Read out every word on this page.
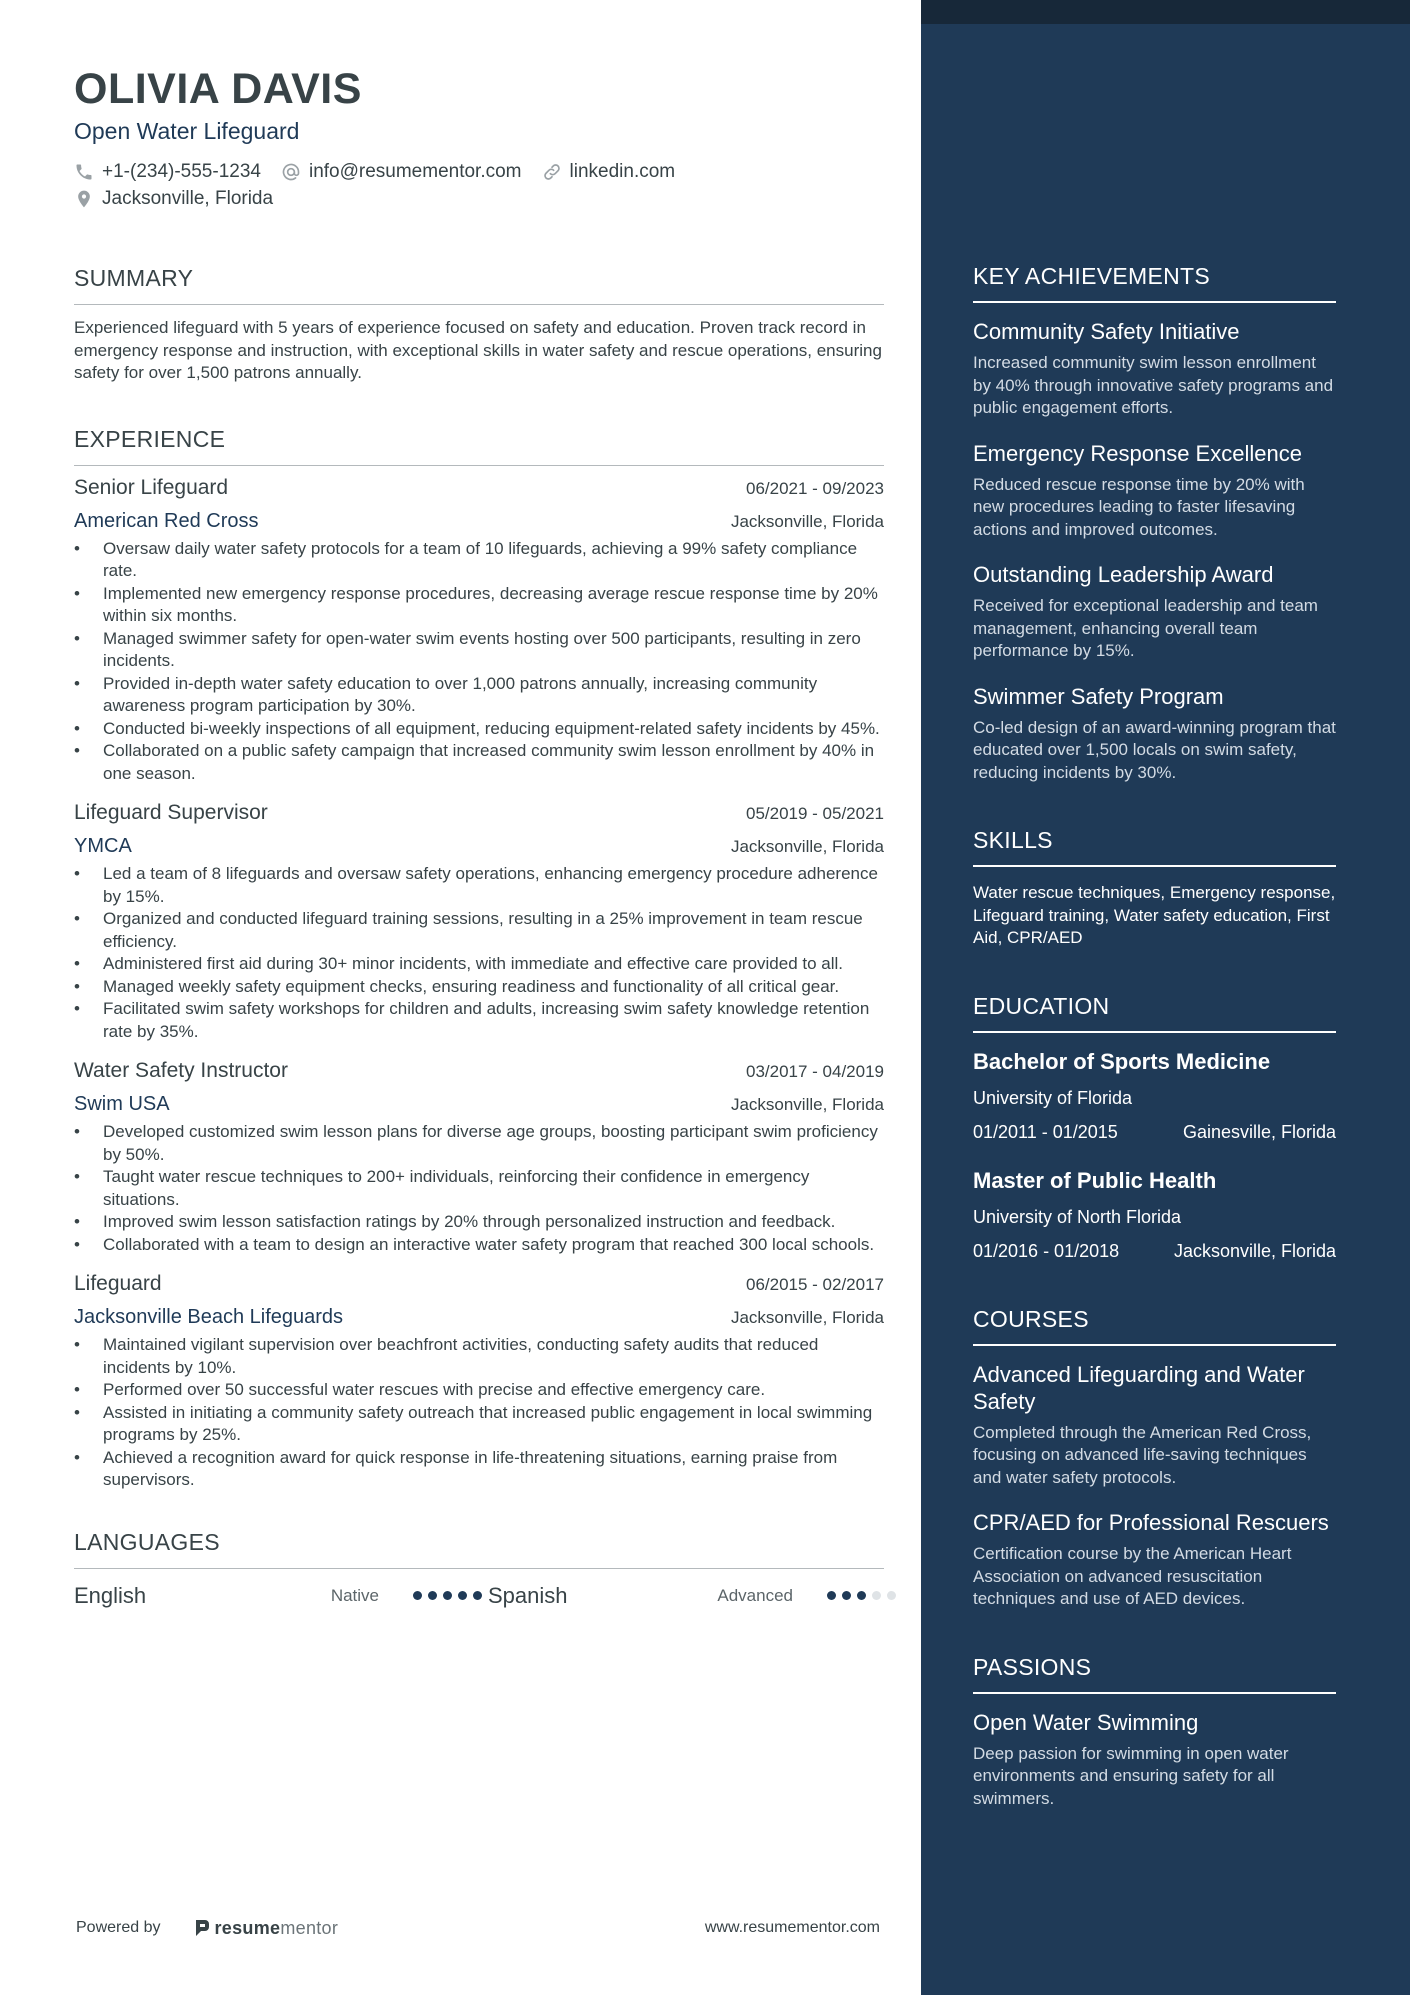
OLIVIA DAVIS
Open Water Lifeguard
+1-(234)-555-1234	info@resumementor.com	linkedin.com
Jacksonville, Florida
SUMMARY
Experienced lifeguard with 5 years of experience focused on safety and education. Proven track record in emergency response and instruction, with exceptional skills in water safety and rescue operations, ensuring safety for over 1,500 patrons annually.
EXPERIENCE
Senior Lifeguard	06/2021 - 09/2023
American Red Cross	Jacksonville, Florida
• Oversaw daily water safety protocols for a team of 10 lifeguards, achieving a 99% safety compliance rate.
• Implemented new emergency response procedures, decreasing average rescue response time by 20% within six months.
• Managed swimmer safety for open-water swim events hosting over 500 participants, resulting in zero incidents.
• Provided in-depth water safety education to over 1,000 patrons annually, increasing community awareness program participation by 30%.
• Conducted bi-weekly inspections of all equipment, reducing equipment-related safety incidents by 45%.
• Collaborated on a public safety campaign that increased community swim lesson enrollment by 40% in one season.
Lifeguard Supervisor	05/2019 - 05/2021
YMCA	Jacksonville, Florida
• Led a team of 8 lifeguards and oversaw safety operations, enhancing emergency procedure adherence by 15%.
• Organized and conducted lifeguard training sessions, resulting in a 25% improvement in team rescue efficiency.
• Administered first aid during 30+ minor incidents, with immediate and effective care provided to all.
• Managed weekly safety equipment checks, ensuring readiness and functionality of all critical gear.
• Facilitated swim safety workshops for children and adults, increasing swim safety knowledge retention rate by 35%.
Water Safety Instructor	03/2017 - 04/2019
Swim USA	Jacksonville, Florida
• Developed customized swim lesson plans for diverse age groups, boosting participant swim proficiency by 50%.
• Taught water rescue techniques to 200+ individuals, reinforcing their confidence in emergency situations.
• Improved swim lesson satisfaction ratings by 20% through personalized instruction and feedback.
• Collaborated with a team to design an interactive water safety program that reached 300 local schools.
Lifeguard	06/2015 - 02/2017
Jacksonville Beach Lifeguards	Jacksonville, Florida
• Maintained vigilant supervision over beachfront activities, conducting safety audits that reduced incidents by 10%.
• Performed over 50 successful water rescues with precise and effective emergency care.
• Assisted in initiating a community safety outreach that increased public engagement in local swimming programs by 25%.
• Achieved a recognition award for quick response in life-threatening situations, earning praise from supervisors.
LANGUAGES
English	Native	Spanish	Advanced
KEY ACHIEVEMENTS
Community Safety Initiative
Increased community swim lesson enrollment by 40% through innovative safety programs and public engagement efforts.
Emergency Response Excellence
Reduced rescue response time by 20% with new procedures leading to faster lifesaving actions and improved outcomes.
Outstanding Leadership Award
Received for exceptional leadership and team management, enhancing overall team performance by 15%.
Swimmer Safety Program
Co-led design of an award-winning program that educated over 1,500 locals on swim safety, reducing incidents by 30%.
SKILLS
Water rescue techniques, Emergency response, Lifeguard training, Water safety education, First Aid, CPR/AED
EDUCATION
Bachelor of Sports Medicine
University of Florida
01/2011 - 01/2015	Gainesville, Florida
Master of Public Health
University of North Florida
01/2016 - 01/2018	Jacksonville, Florida
COURSES
Advanced Lifeguarding and Water Safety
Completed through the American Red Cross, focusing on advanced life-saving techniques and water safety protocols.
CPR/AED for Professional Rescuers
Certification course by the American Heart Association on advanced resuscitation techniques and use of AED devices.
PASSIONS
Open Water Swimming
Deep passion for swimming in open water environments and ensuring safety for all swimmers.
Powered by	resume mentor	www.resumementor.com
